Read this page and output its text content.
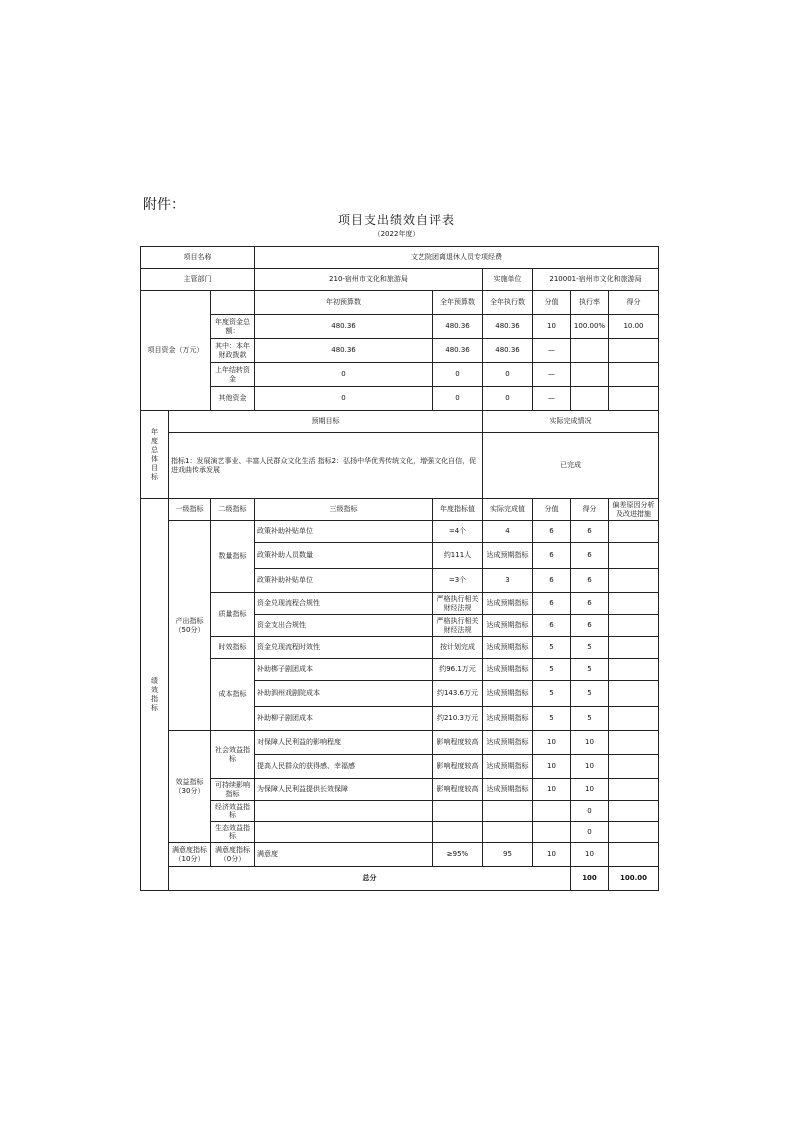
附件：
项目支出绩效自评表
（2022年度）
项目名称			文艺院团离退休人员专项经费						
主管部门			210-宿州市文化和旅游局		实施单位	210001-宿州市文化和旅游局			
项目资金（万元）			年初预算数	全年预算数	全年执行数	分值	执行率	得分	
		年度资金总额：	480.36	480.36	480.36	10	100.00%	10.00	
		其中：本年财政拨款	480.36	480.36	480.36	—			
		上年结转资金	0	0	0	—			
		其他资金	0	0	0	—			

年度总体目标	预期目标				实际完成情况				
	指标1：发展演艺事业、丰富人民群众文化生活 指标2：弘扬中华优秀传统文化，增强文化自信，促进戏曲传承发展				已完成				

绩效指标	一级指标	二级指标	三级指标	年度指标值	实际完成值	分值	得分	偏差原因分析及改进措施	
	产出指标（50分）	数量指标	政策补助补贴单位	=4个	4	6	6		
			政策补助人员数量	约111人	达成预期指标	6	6		
			政策补助补贴单位	=3个	3	6	6		
		质量指标	资金兑现流程合规性	严格执行相关财经法规	达成预期指标	6	6		
			资金支出合规性	严格执行相关财经法规	达成预期指标	6	6		
		时效指标	资金兑现流程时效性	按计划完成	达成预期指标	5	5		
		成本指标	补助梆子剧团成本	约96.1万元	达成预期指标	5	5		
			补助泗州戏剧院成本	约143.6万元	达成预期指标	5	5		
			补助柳子剧团成本	约210.3万元	达成预期指标	5	5		
	效益指标（30分）	社会效益指标	对保障人民利益的影响程度	影响程度较高	达成预期指标	10	10		
			提高人民群众的获得感、幸福感	影响程度较高	达成预期指标	10	10		
		可持续影响指标	为保障人民利益提供长效保障	影响程度较高	达成预期指标	10	10		
		经济效益指标					0		
		生态效益指标					0		
	满意度指标（10分）	满意度指标（0分）	满意度	≥95%	95	10	10		
	总分						100	100.00	
